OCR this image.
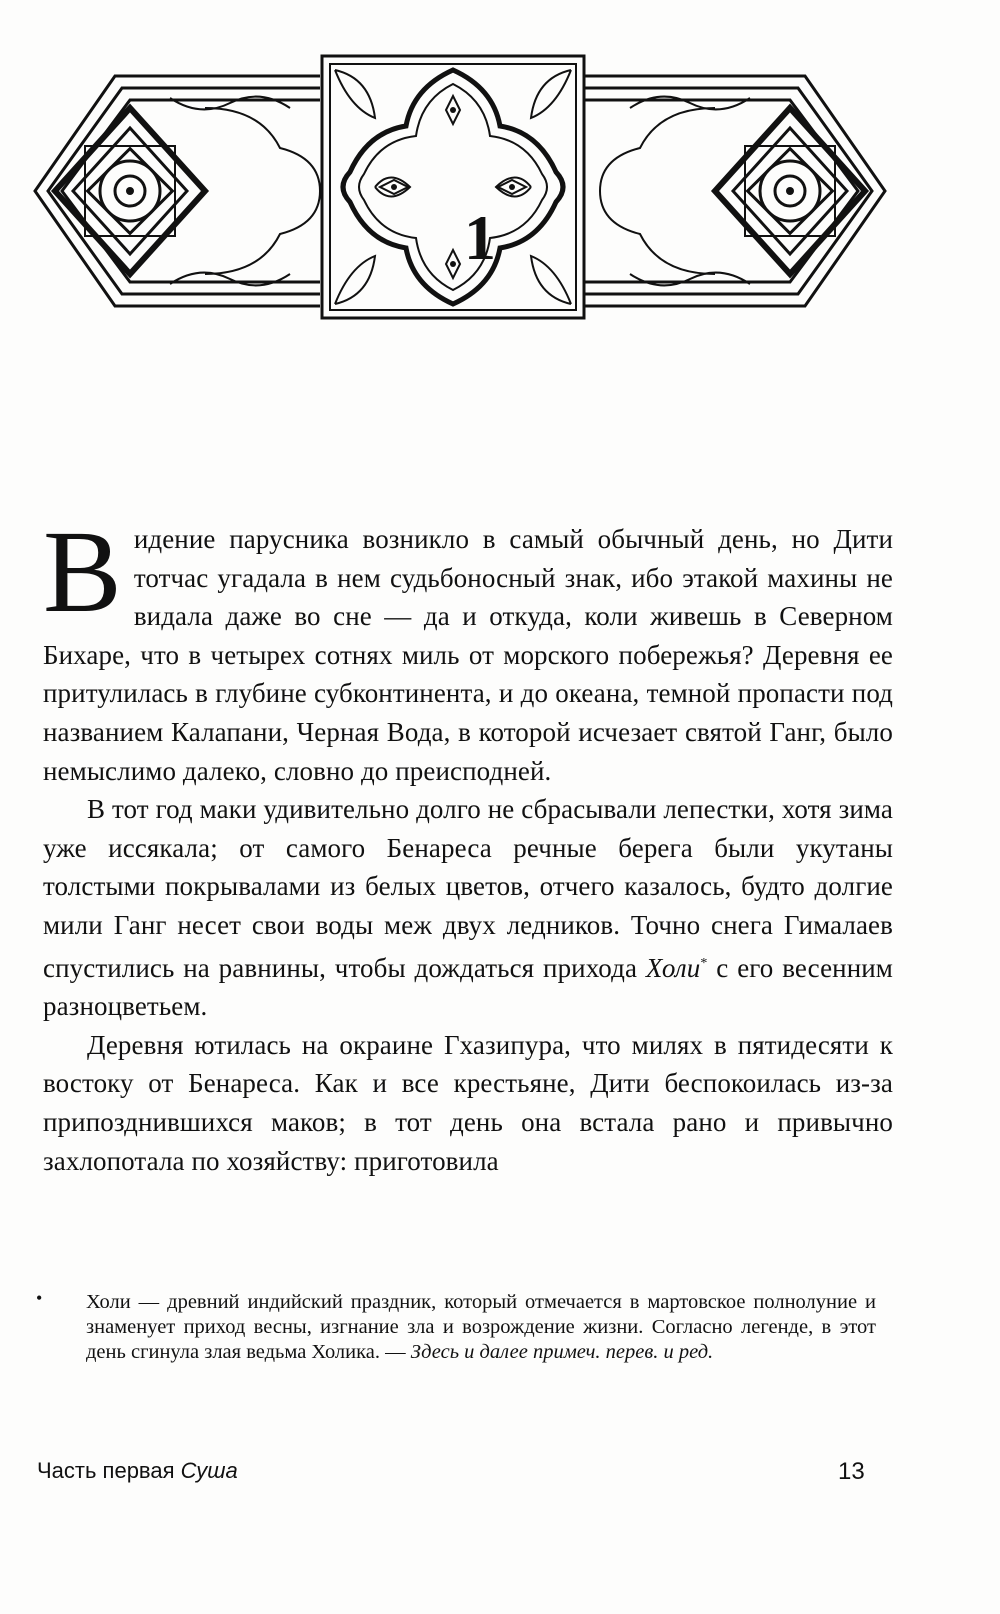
1

Видение парусника возникло в самый обычный день, но Дити тотчас угадала в нем судьбоносный знак, ибо этакой махины не видала даже во сне — да и откуда, коли живешь в Северном Бихаре, что в четырех сотнях миль от морского побережья? Деревня ее притулилась в глубине субконтинента, и до океана, темной пропасти под названием Калапани, Черная Вода, в которой исчезает святой Ганг, было немыслимо далеко, словно до преисподней.

В тот год маки удивительно долго не сбрасывали лепестки, хотя зима уже иссякала; от самого Бенареса речные берега были укутаны толстыми покрывалами из белых цветов, отчего казалось, будто долгие мили Ганг несет свои воды меж двух ледников. Точно снега Гималаев спустились на равнины, чтобы дождаться прихода Холи* с его весенним разноцветьем.

Деревня ютилась на окраине Гхазипура, что милях в пятидесяти к востоку от Бенареса. Как и все крестьяне, Дити беспокоилась из-за припозднившихся маков; в тот день она встала рано и привычно захлопотала по хозяйству: приготовила

• Холи — древний индийский праздник, который отмечается в мартовское полнолуние и знаменует приход весны, изгнание зла и возрождение жизни. Согласно легенде, в этот день сгинула злая ведьма Холика. — Здесь и далее примеч. перев. и ред.
Часть первая Суша	13
